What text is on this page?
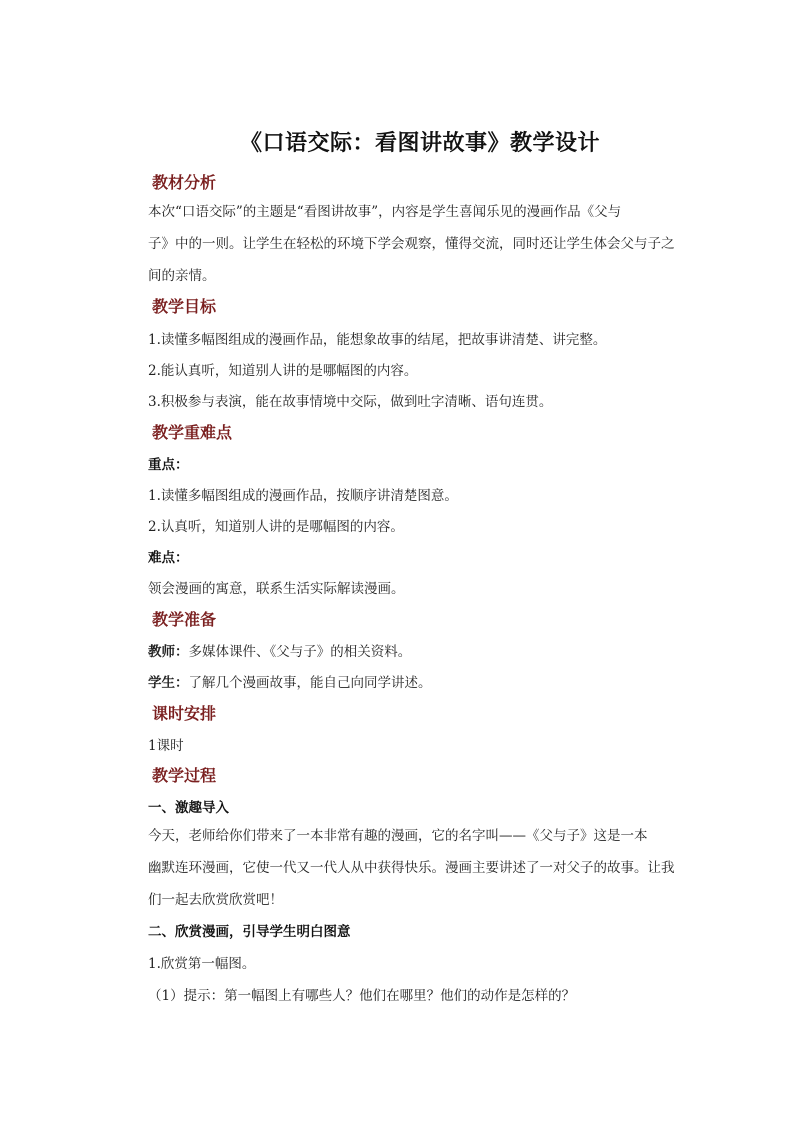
《口语交际：看图讲故事》教学设计
教材分析
本次“口语交际”的主题是“看图讲故事”，内容是学生喜闻乐见的漫画作品《父与
子》中的一则。让学生在轻松的环境下学会观察，懂得交流，同时还让学生体会父与子之
间的亲情。
教学目标
1.读懂多幅图组成的漫画作品，能想象故事的结尾，把故事讲清楚、讲完整。
2.能认真听，知道别人讲的是哪幅图的内容。
3.积极参与表演，能在故事情境中交际，做到吐字清晰、语句连贯。
教学重难点
重点：
1.读懂多幅图组成的漫画作品，按顺序讲清楚图意。
2.认真听，知道别人讲的是哪幅图的内容。
难点：
领会漫画的寓意，联系生活实际解读漫画。
教学准备
教师：多媒体课件、《父与子》的相关资料。
学生：了解几个漫画故事，能自己向同学讲述。
课时安排
1课时
教学过程
一、激趣导入
今天，老师给你们带来了一本非常有趣的漫画，它的名字叫——《父与子》这是一本
幽默连环漫画，它使一代又一代人从中获得快乐。漫画主要讲述了一对父子的故事。让我
们一起去欣赏欣赏吧！
二、欣赏漫画，引导学生明白图意
1.欣赏第一幅图。
（1）提示：第一幅图上有哪些人？他们在哪里？他们的动作是怎样的？
